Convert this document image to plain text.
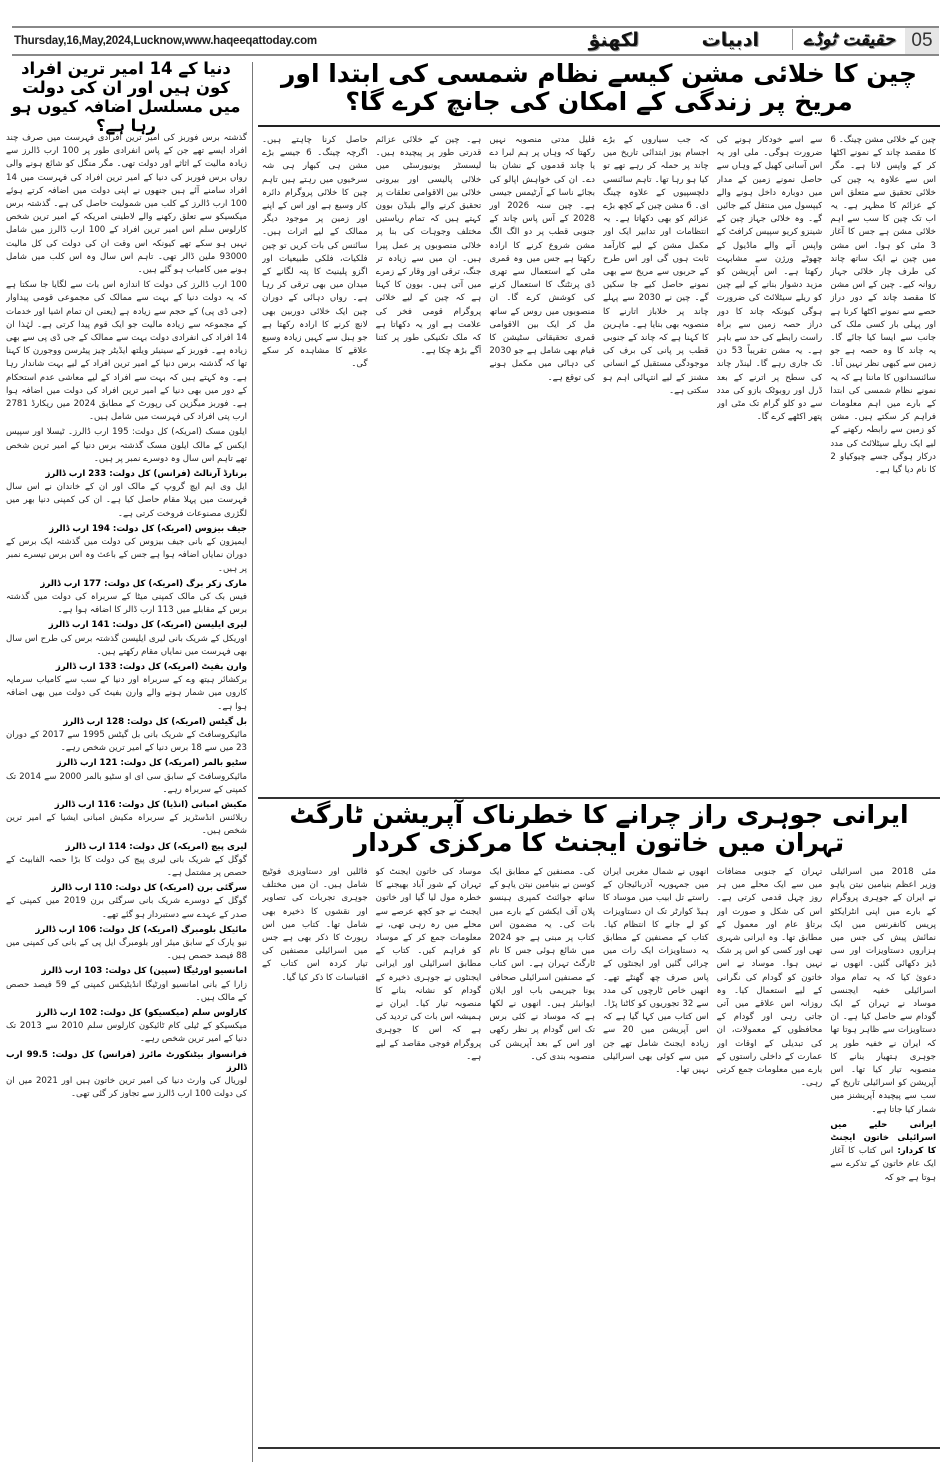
Thursday,16,May,2024,Lucknow,www.haqeeqattoday.com	لکھنؤ	ادبیات	حقیقت ٹوڈے 05
دنیا کے 14 امیر ترین افراد کون ہیں اور ان کی دولت میں مسلسل اضافہ کیوں ہو رہا ہے؟

گذشتہ برس فوربز کی امیر ترین افرادی فہرست میں صرف چند افراد ایسے تھے جن کے پاس انفرادی طور پر 100 ارب ڈالرز سے زیادہ مالیت کے اثاثے اور دولت تھی۔ مگر منگل کو شائع ہونے والی رواں برس فوربز کی دنیا کے امیر ترین افراد کی فہرست میں 14 افراد سامنے آئے ہیں جنھوں نے اپنی دولت میں اضافہ کرتے ہوئے 100 ارب ڈالرز کے کلب میں شمولیت حاصل کی ہے۔ گذشتہ برس میکسیکو سے تعلق رکھنے والے لاطینی امریکہ کے امیر ترین شخص کارلوس سلم اس امیر ترین افراد کے 100 ارب ڈالرز میں شامل نہیں ہو سکے تھے کیونکہ اس وقت ان کی دولت کی کل مالیت 93000 ملین ڈالر تھی۔ تاہم اس سال وہ اس کلب میں شامل ہونے میں کامیاب ہو گئے ہیں۔

100 ارب ڈالرز کی دولت کا اندازہ اس بات سے لگایا جا سکتا ہے کہ یہ دولت دنیا کے بہت سے ممالک کی مجموعی قومی پیداوار (جی ڈی پی) کے حجم سے زیادہ ہے (یعنی ان تمام اشیا اور خدمات کے مجموعہ سے زیادہ مالیت جو ایک قوم پیدا کرتی ہے۔ لہٰذا ان 14 افراد کی انفرادی دولت بہت سے ممالک کے جی ڈی پی سے بھی زیادہ ہے۔ فوربز کے سینیئر ویلتھ ایڈیٹر چیز پیٹرسن ووجورن کا کہنا تھا کہ گذشتہ برس دنیا کے امیر ترین افراد کے لیے بہت شاندار رہا ہے۔ وہ کہتے ہیں کہ بہت سے افراد کے لیے معاشی عدم استحکام کے دور میں بھی دنیا کے امیر ترین افراد کی دولت میں اضافہ ہوا ہے۔ فوربز میگزین کی رپورٹ کے مطابق 2024 میں ریکارڈ 2781 ارب پتی افراد کی فہرست میں شامل ہیں۔

ایلون مسک (امریکہ) کل دولت: 195 ارب ڈالرز۔ ٹیسلا اور سپیس ایکس کے مالک ایلون مسک گذشتہ برس دنیا کے امیر ترین شخص تھے تاہم اس سال وہ دوسرے نمبر پر ہیں۔

برنارڈ آرنالٹ (فرانس) کل دولت: 233 ارب ڈالرز
ایل وی ایم ایچ گروپ کے مالک اور ان کے خاندان نے اس سال فہرست میں پہلا مقام حاصل کیا ہے۔ ان کی کمپنی دنیا بھر میں لگژری مصنوعات فروخت کرتی ہے۔

جیف بیزوس (امریکہ) کل دولت: 194 ارب ڈالرز
ایمیزون کے بانی جیف بیزوس کی دولت میں گذشتہ ایک برس کے دوران نمایاں اضافہ ہوا ہے جس کے باعث وہ اس برس تیسرے نمبر پر ہیں۔

مارک زکر برگ (امریکہ) کل دولت: 177 ارب ڈالرز
فیس بک کی مالک کمپنی میٹا کے سربراہ کی دولت میں گذشتہ برس کے مقابلے میں 113 ارب ڈالر کا اضافہ ہوا ہے۔

لیری ایلیسن (امریکہ) کل دولت: 141 ارب ڈالرز
اوریکل کے شریک بانی لیری ایلیسن گذشتہ برس کی طرح اس سال بھی فہرست میں نمایاں مقام رکھتے ہیں۔

وارن بفیٹ (امریکہ) کل دولت: 133 ارب ڈالرز
برکشائر ہیتھ وے کے سربراہ اور دنیا کے سب سے کامیاب سرمایہ کاروں میں شمار ہونے والے وارن بفیٹ کی دولت میں بھی اضافہ ہوا ہے۔

بل گیٹس (امریکہ) کل دولت: 128 ارب ڈالرز
مائیکروسافٹ کے شریک بانی بل گیٹس 1995 سے 2017 کے دوران 23 میں سے 18 برس دنیا کے امیر ترین شخص رہے۔

سٹیو بالمر (امریکہ) کل دولت: 121 ارب ڈالرز
مائیکروسافٹ کے سابق سی ای او سٹیو بالمر 2000 سے 2014 تک کمپنی کے سربراہ رہے۔

مکیش امبانی (انڈیا) کل دولت: 116 ارب ڈالرز
ریلائنس انڈسٹریز کے سربراہ مکیش امبانی ایشیا کے امیر ترین شخص ہیں۔

لیری پیج (امریکہ) کل دولت: 114 ارب ڈالرز
گوگل کے شریک بانی لیری پیج کی دولت کا بڑا حصہ الفابیٹ کے حصص پر مشتمل ہے۔

سرگئی برن (امریکہ) کل دولت: 110 ارب ڈالرز
گوگل کے دوسرے شریک بانی سرگئی برن 2019 میں کمپنی کے صدر کے عہدے سے دستبردار ہو گئے تھے۔

مائیکل بلومبرگ (امریکہ) کل دولت: 106 ارب ڈالرز
نیو یارک کے سابق میئر اور بلومبرگ ایل پی کے بانی کی کمپنی میں 88 فیصد حصص ہیں۔

امانسیو اورٹیگا (سپین) کل دولت: 103 ارب ڈالرز
زارا کے بانی امانسیو اورٹیگا انڈیٹیکس کمپنی کے 59 فیصد حصص کے مالک ہیں۔

کارلوس سلم (میکسیکو) کل دولت: 102 ارب ڈالرز
میکسیکو کے ٹیلی کام ٹائیکون کارلوس سلم 2010 سے 2013 تک دنیا کے امیر ترین شخص رہے۔

فرانسواز بیٹنکورٹ مائرز (فرانس) کل دولت: 99.5 ارب ڈالرز
لوریال کی وارث دنیا کی امیر ترین خاتون ہیں اور 2021 میں ان کی دولت 100 ارب ڈالرز سے تجاوز کر گئی تھی۔

چین کا خلائی مشن کیسے نظام شمسی کی ابتدا اور مریخ پر زندگی کے امکان کی جانچ کرے گا؟

چین کے خلائی مشن چینگ۔ 6 کا مقصد چاند کے نمونے اکٹھا کر کے واپس لانا ہے۔ مگر اس سے علاوہ یہ چین کی خلائی تحقیق سے متعلق اس کے عزائم کا مظہر ہے۔ یہ اب تک چین کا سب سے اہم خلائی مشن ہے جس کا آغاز 3 مئی کو ہوا۔ اس مشن میں چین نے ایک ساتھ چاند کی طرف چار خلائی جہاز روانہ کیے۔ چین کے اس مشن کا مقصد چاند کے دور دراز حصے سے نمونے اکٹھا کرنا ہے اور پہلی بار کسی ملک کی جانب سے ایسا کیا جائے گا۔ یہ چاند کا وہ حصہ ہے جو زمین سے کبھی نظر نہیں آتا۔ سائنسدانوں کا ماننا ہے کہ یہ نمونے نظام شمسی کی ابتدا کے بارے میں اہم معلومات فراہم کر سکتے ہیں۔ مشن کو زمین سے رابطہ رکھنے کے لیے ایک ریلے سیٹلائٹ کی مدد درکار ہوگی جسے چیوکیاو 2 کا نام دیا گیا ہے۔

سے اسے خودکار ہونے کی ضرورت ہوگی۔ ملی اور یہ اس آسانی کھیل کے وہاں سے حاصل نمونے زمین کے مدار میں دوبارہ داخل ہونے والے کیپسول میں منتقل کیے جائیں گے۔ وہ خلائی جہاز چین کے شینزو کریو سپیس کرافٹ کے واپس آنے والے ماڈیول کے چھوٹے ورژن سے مشابہت رکھتا ہے۔ اس آپریشن کو مزید دشوار بنانے کے لیے چین کو ریلے سیٹلائٹ کی ضرورت ہوگی کیونکہ چاند کا دور دراز حصہ زمین سے براہ راست رابطے کی حد سے باہر ہے۔ یہ مشن تقریباً 53 دن تک جاری رہے گا۔ لینڈر چاند کی سطح پر اترنے کے بعد ڈرل اور روبوٹک بازو کی مدد سے دو کلو گرام تک مٹی اور پتھر اکٹھے کرے گا۔

کہ جب سیاروں کے بڑے اجسام یوز ابتدائی تاریخ میں چاند پر حملہ کر رہے تھے تو کیا ہو رہا تھا۔ تاہم سائنسی دلچسپیوں کے علاوہ چینگ ای۔ 6 مشن چین کے کچھ بڑے عزائم کو بھی دکھاتا ہے۔ یہ انتظامات اور تدابیر ایک اور مکمل مشن کے لیے کارآمد ثابت ہوں گی اور اس طرح کے حربوں سے مریخ سے بھی نمونے حاصل کیے جا سکیں گے۔ چین نے 2030 سے پہلے چاند پر خلاباز اتارنے کا منصوبہ بھی بنایا ہے۔ ماہرین کا کہنا ہے کہ چاند کے جنوبی قطب پر پانی کی برف کی موجودگی مستقبل کے انسانی مشنز کے لیے انتہائی اہم ہو سکتی ہے۔

قلیل مدتی منصوبہ نہیں رکھتا کہ وہاں پر ہم لبرا دے یا چاند قدموں کے نشان بنا دے۔ ان کی خواہش اپالو کی بجائے ناسا کے آرٹیمس جیسی ہے۔ چین سنہ 2026 اور 2028 کے آس پاس چاند کے جنوبی قطب پر دو الگ الگ مشن شروع کرنے کا ارادہ رکھتا ہے جس میں وہ قمری مٹی کے استعمال سے تھری ڈی پرنٹنگ کا استعمال کرنے کی کوشش کرے گا۔ ان منصوبوں میں روس کے ساتھ مل کر ایک بین الاقوامی قمری تحقیقاتی سٹیشن کا قیام بھی شامل ہے جو 2030 کی دہائی میں مکمل ہونے کی توقع ہے۔

ہے۔ چین کے خلائی عزائم قدرتی طور پر پیچیدہ ہیں۔ لیسسٹر یونیورسٹی میں خلائی پالیسی اور بیرونی خلائی بین الاقوامی تعلقات پر تحقیق کرنے والے بلیڈن بوون کہتے ہیں کہ تمام ریاستیں مختلف وجوہات کی بنا پر خلائی منصوبوں پر عمل پیرا ہیں۔ ان میں سے زیادہ تر جنگ، ترقی اور وقار کے زمرے میں آتی ہیں۔ بوون کا کہنا ہے کہ چین کے لیے خلائی پروگرام قومی فخر کی علامت ہے اور یہ دکھاتا ہے کہ ملک تکنیکی طور پر کتنا آگے بڑھ چکا ہے۔

حاصل کرنا چاہتے ہیں۔ اگرچہ چینگ۔ 6 جیسے بڑے مشن ہی کبھار ہی شہ سرخیوں میں رہتے ہیں تاہم چین کا خلائی پروگرام دائرہ کار وسیع ہے اور اس کے اپنے اور زمین پر موجود دیگر ممالک کے لیے اثرات ہیں۔ سائنس کی بات کریں تو چین فلکیات، فلکی طبیعیات اور اگزو پلینیٹ کا پتہ لگانے کے میدان میں بھی ترقی کر رہا ہے۔ رواں دہائی کے دوران چین ایک خلائی دوربین بھی لانچ کرنے کا ارادہ رکھتا ہے جو ہبل سے کہیں زیادہ وسیع علاقے کا مشاہدہ کر سکے گی۔

ایرانی جوہری راز چرانے کا خطرناک آپریشن ٹارگٹ تہران میں خاتون ایجنٹ کا مرکزی کردار

مئی 2018 میں اسرائیلی وزیر اعظم بنیامین نیتن یاہو نے ایران کے جوہری پروگرام کے بارے میں اپنی انٹرایکٹو پریس کانفرنس میں ایک نمائش پیش کی جس میں ہزاروں دستاویزات اور سی ڈیز دکھائی گئیں۔ انھوں نے دعویٰ کیا کہ یہ تمام مواد اسرائیلی خفیہ ایجنسی موساد نے تہران کے ایک گودام سے حاصل کیا ہے۔ ان دستاویزات سے ظاہر ہوتا تھا کہ ایران نے خفیہ طور پر جوہری ہتھیار بنانے کا منصوبہ تیار کیا تھا۔ اس آپریشن کو اسرائیلی تاریخ کے سب سے پیچیدہ آپریشنز میں شمار کیا جاتا ہے۔

ایرانی حلیے میں اسرائیلی خاتون ایجنٹ کا کردار: اس کتاب کا آغاز ایک عام خاتون کے تذکرے سے ہوتا ہے جو کہ

تہران کے جنوبی مضافات میں سے ایک محلے میں ہر روز چہل قدمی کرتی ہے۔ اس کی شکل و صورت اور برتاؤ عام اور معمول کے مطابق تھا۔ وہ ایرانی شہری تھی اور کسی کو اس پر شک نہیں ہوا۔ موساد نے اس خاتون کو گودام کی نگرانی کے لیے استعمال کیا۔ وہ روزانہ اس علاقے میں آتی جاتی رہی اور گودام کے محافظوں کے معمولات، ان کی تبدیلی کے اوقات اور عمارت کے داخلی راستوں کے بارے میں معلومات جمع کرتی رہی۔

انھوں نے شمال مغربی ایران میں جمہوریہ آذربائیجان کے راستے تل ابیب میں موساد کا ہیڈ کوارٹر تک ان دستاویزات کو لے جانے کا انتظام کیا۔ کتاب کے مصنفین کے مطابق یہ دستاویزات ایک رات میں چرائی گئیں اور ایجنٹوں کے پاس صرف چھ گھنٹے تھے۔ انھیں خاص ٹارچوں کی مدد سے 32 تجوریوں کو کاٹنا پڑا۔ اس کتاب میں کہا گیا ہے کہ اس آپریشن میں 20 سے زیادہ ایجنٹ شامل تھے جن میں سے کوئی بھی اسرائیلی نہیں تھا۔

کی۔ مصنفین کے مطابق ایک کوسن نے بنیامین نیتن یاہو کے ساتھ جوائنٹ کمپری ہینسو پلان آف ایکشن کے بارے میں بات کی۔ یہ مضمون اس کتاب پر مبنی ہے جو 2024 میں شائع ہوئی جس کا نام ٹارگٹ تہران ہے۔ اس کتاب کے مصنفین اسرائیلی صحافی یونا جیریمی باب اور ایلان ایوانیئر ہیں۔ انھوں نے لکھا ہے کہ موساد نے کئی برس تک اس گودام پر نظر رکھی اور اس کے بعد آپریشن کی منصوبہ بندی کی۔

موساد کی خاتون ایجنٹ کو تہران کے شور آباد بھیجنے کا خطرہ مول لیا گیا اور خاتون ایجنٹ نے جو کچھ عرصے سے محلے میں رہ رہی تھی، نے معلومات جمع کر کے موساد کو فراہم کیں۔ کتاب کے مطابق اسرائیلی اور ایرانی ایجنٹوں نے جوہری ذخیرہ کے گودام کو نشانہ بنانے کا منصوبہ تیار کیا۔ ایران نے ہمیشہ اس بات کی تردید کی ہے کہ اس کا جوہری پروگرام فوجی مقاصد کے لیے ہے۔

فائلیں اور دستاویزی فوٹیج شامل ہیں۔ ان میں مختلف جوہری تجربات کی تصاویر اور نقشوں کا ذخیرہ بھی شامل تھا۔ کتاب میں اس رپورٹ کا ذکر بھی ہے جس میں اسرائیلی مصنفین کی تیار کردہ اس کتاب کے اقتباسات کا ذکر کیا گیا۔
